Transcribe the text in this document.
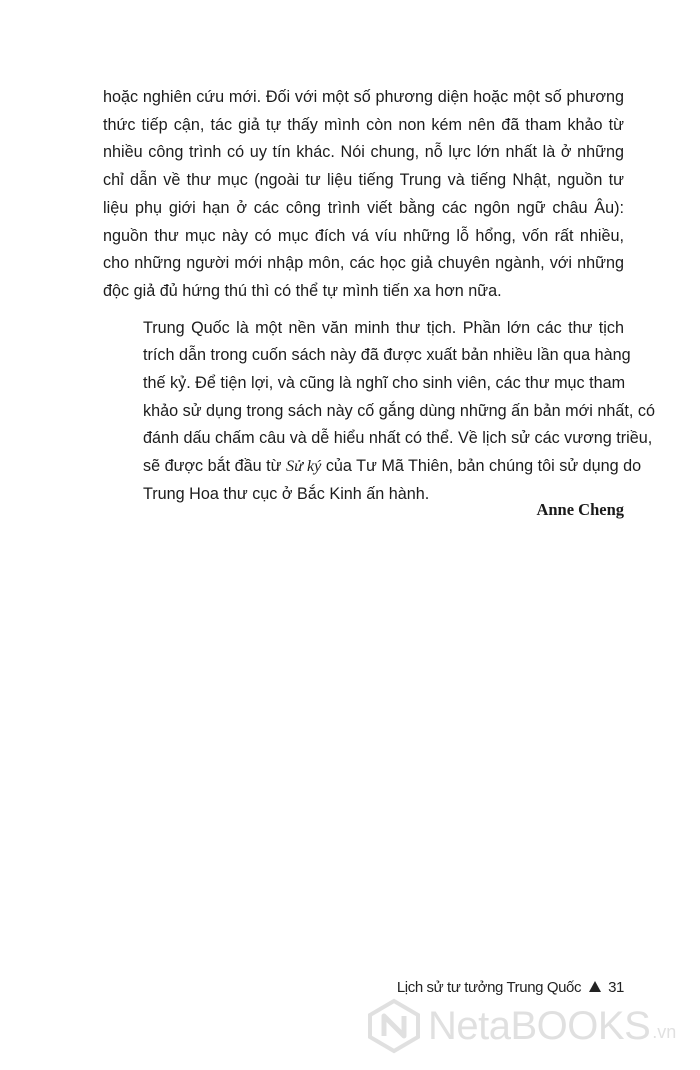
hoặc nghiên cứu mới. Đối với một số phương diện hoặc một số phương
thức tiếp cận, tác giả tự thấy mình còn non kém nên đã tham khảo từ
nhiều công trình có uy tín khác. Nói chung, nỗ lực lớn nhất là ở những
chỉ dẫn về thư mục (ngoài tư liệu tiếng Trung và tiếng Nhật, nguồn tư
liệu phụ giới hạn ở các công trình viết bằng các ngôn ngữ châu Âu):
nguồn thư mục này có mục đích vá víu những lỗ hổng, vốn rất nhiều,
cho những người mới nhập môn, các học giả chuyên ngành, với những
độc giả đủ hứng thú thì có thể tự mình tiến xa hơn nữa.

Trung Quốc là một nền văn minh thư tịch. Phần lớn các thư tịch
trích dẫn trong cuốn sách này đã được xuất bản nhiều lần qua hàng
thế kỷ. Để tiện lợi, và cũng là nghĩ cho sinh viên, các thư mục tham
khảo sử dụng trong sách này cố gắng dùng những ấn bản mới nhất, có
đánh dấu chấm câu và dễ hiểu nhất có thể. Về lịch sử các vương triều,
sẽ được bắt đầu từ Sử ký của Tư Mã Thiên, bản chúng tôi sử dụng do
Trung Hoa thư cục ở Bắc Kinh ấn hành.

Anne Cheng
Lịch sử tư tưởng Trung Quốc 31
NetaBOOKS .vn
